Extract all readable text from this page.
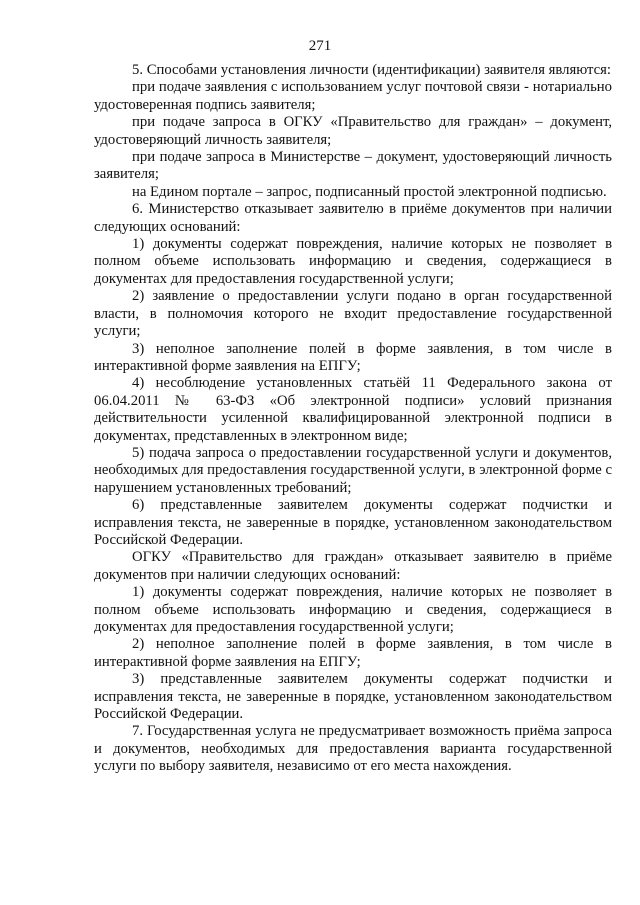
271

5. Способами установления личности (идентификации) заявителя являются:

при подаче заявления с использованием услуг почтовой связи - нотариально удостоверенная подпись заявителя;

при подаче запроса в ОГКУ «Правительство для граждан» – документ, удостоверяющий личность заявителя;

при подаче запроса в Министерстве – документ, удостоверяющий личность заявителя;

на Едином портале – запрос, подписанный простой электронной подписью.

6. Министерство отказывает заявителю в приёме документов при наличии следующих оснований:

1) документы содержат повреждения, наличие которых не позволяет в полном объеме использовать информацию и сведения, содержащиеся в документах для предоставления государственной услуги;

2) заявление о предоставлении услуги подано в орган государственной власти, в полномочия которого не входит предоставление государственной услуги;

3) неполное заполнение полей в форме заявления, в том числе в интерактивной форме заявления на ЕПГУ;

4) несоблюдение установленных статьёй 11 Федерального закона от 06.04.2011 № 63-ФЗ «Об электронной подписи» условий признания действительности усиленной квалифицированной электронной подписи в документах, представленных в электронном виде;

5) подача запроса о предоставлении государственной услуги и документов, необходимых для предоставления государственной услуги, в электронной форме с нарушением установленных требований;

6) представленные заявителем документы содержат подчистки и исправления текста, не заверенные в порядке, установленном законодательством Российской Федерации.

ОГКУ «Правительство для граждан» отказывает заявителю в приёме документов при наличии следующих оснований:

1) документы содержат повреждения, наличие которых не позволяет в полном объеме использовать информацию и сведения, содержащиеся в документах для предоставления государственной услуги;

2) неполное заполнение полей в форме заявления, в том числе в интерактивной форме заявления на ЕПГУ;

3) представленные заявителем документы содержат подчистки и исправления текста, не заверенные в порядке, установленном законодательством Российской Федерации.

7. Государственная услуга не предусматривает возможность приёма запроса и документов, необходимых для предоставления варианта государственной услуги по выбору заявителя, независимо от его места нахождения.
